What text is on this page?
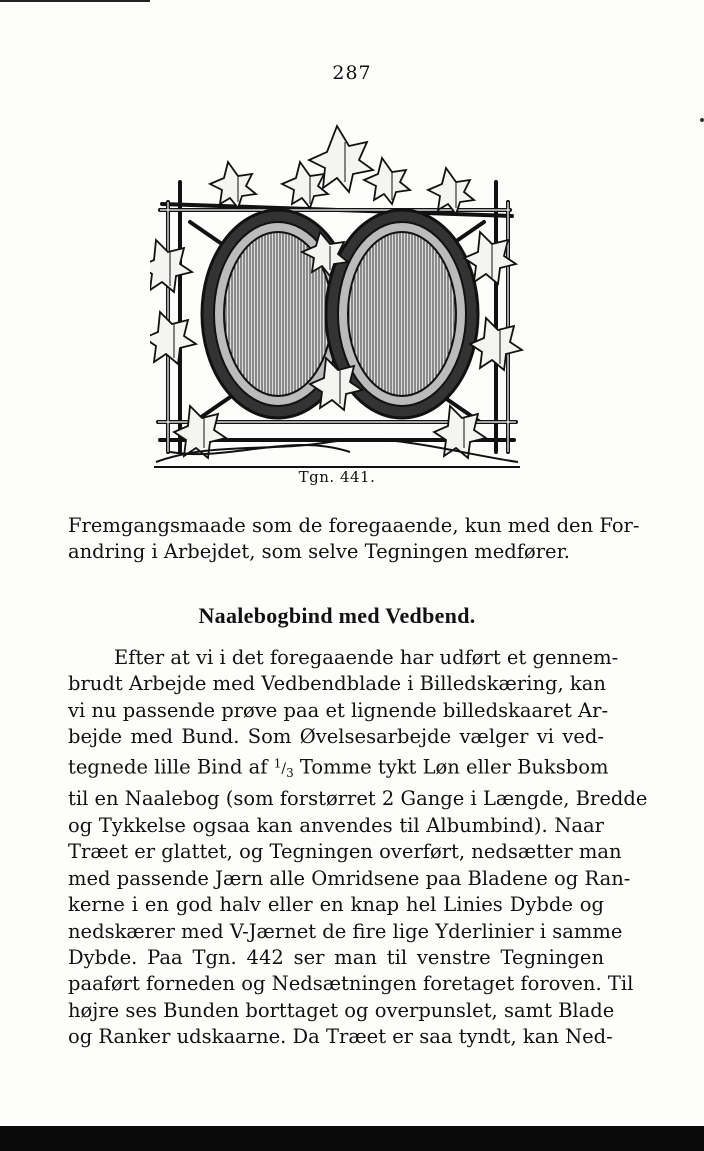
287
Tgn. 441.
Fremgangsmaade som de foregaaende, kun med den For-
andring i Arbejdet, som selve Tegningen medfører.
Naalebogbind med Vedbend.
Efter at vi i det foregaaende har udført et gennem-
brudt Arbejde med Vedbendblade i Billedskæring, kan
vi nu passende prøve paa et lignende billedskaaret Ar-
bejde med Bund. Som Øvelsesarbejde vælger vi ved-
tegnede lille Bind af $^1/_3$ Tomme tykt Løn eller Buksbom
til en Naalebog (som forstørret 2 Gange i Længde, Bredde
og Tykkelse ogsaa kan anvendes til Albumbind). Naar
Træet er glattet, og Tegningen overført, nedsætter man
med passende Jærn alle Omridsene paa Bladene og Ran-
kerne i en god halv eller en knap hel Linies Dybde og
nedskærer med V-Jærnet de fire lige Yderlinier i samme
Dybde. Paa Tgn. 442 ser man til venstre Tegningen
paaført forneden og Nedsætningen foretaget foroven. Til
højre ses Bunden borttaget og overpunslet, samt Blade
og Ranker udskaarne. Da Træet er saa tyndt, kan Ned-
